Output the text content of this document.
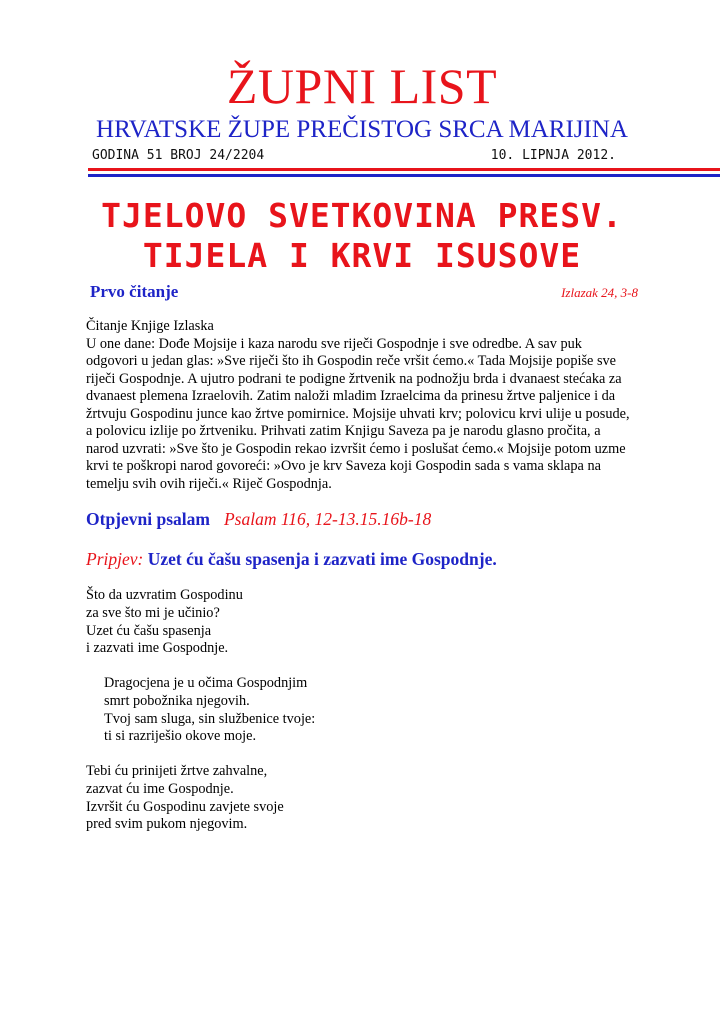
ŽUPNI LIST
HRVATSKE ŽUPE PREČISTOG SRCA MARIJINA
GODINA 51 BROJ 24/2204	10. LIPNJA 2012.
TJELOVO SVETKOVINA PRESV.
TIJELA I KRVI ISUSOVE
Prvo čitanje	Izlazak 24, 3-8

Čitanje Knjige Izlaska

U one dane: Dođe Mojsije i kaza narodu sve riječi Gospodnje i sve odredbe. A sav puk odgovori u jedan glas: »Sve riječi što ih Gospodin reče vršit ćemo.« Tada Mojsije popiše sve riječi Gospodnje. A ujutro podrani te podigne žrtvenik na podnožju brda i dvanaest stećaka za dvanaest plemena Izraelovih. Zatim naloži mladim Izraelcima da prinesu žrtve paljenice i da žrtvuju Gospodinu junce kao žrtve pomirnice. Mojsije uhvati krv; polovicu krvi ulije u posude, a polovicu izlije po žrtveniku. Prihvati zatim Knjigu Saveza pa je narodu glasno pročita, a narod uzvrati: »Sve što je Gospodin rekao izvršit ćemo i poslušat ćemo.« Mojsije potom uzme krvi te poškropi narod govoreći: »Ovo je krv Saveza koji Gospodin sada s vama sklapa na temelju svih ovih riječi.« Riječ Gospodnja.

Otpjevni psalam Psalam 116, 12-13.15.16b-18
Pripjev: Uzet ću čašu spasenja i zazvati ime Gospodnje.
Što da uzvratim Gospodinu
za sve što mi je učinio?
Uzet ću čašu spasenja
i zazvati ime Gospodnje.
Dragocjena je u očima Gospodnjim
smrt pobožnika njegovih.
Tvoj sam sluga, sin službenice tvoje:
ti si razriješio okove moje.
Tebi ću prinijeti žrtve zahvalne,
zazvat ću ime Gospodnje.
Izvršit ću Gospodinu zavjete svoje
pred svim pukom njegovim.
